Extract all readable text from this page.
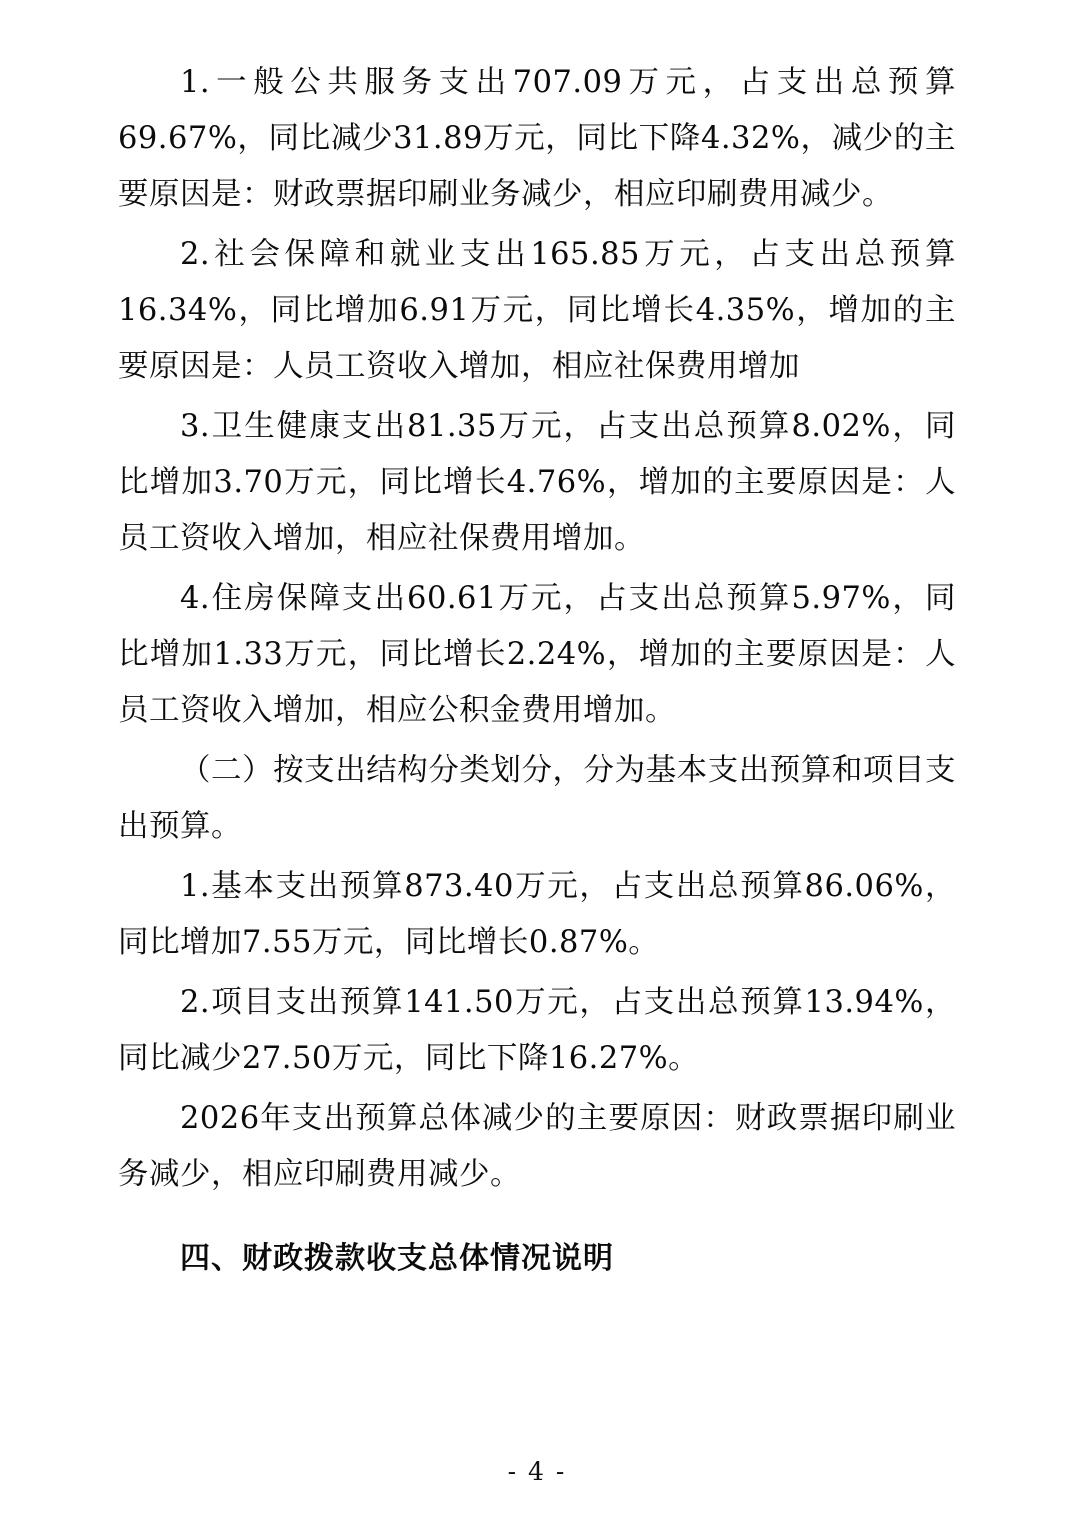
1.一般公共服务支出707.09万元，占支出总预算69.67%，同比减少31.89万元，同比下降4.32%，减少的主要原因是：财政票据印刷业务减少，相应印刷费用减少。

2.社会保障和就业支出165.85万元，占支出总预算16.34%，同比增加6.91万元，同比增长4.35%，增加的主要原因是：人员工资收入增加，相应社保费用增加

3.卫生健康支出81.35万元，占支出总预算8.02%，同比增加3.70万元，同比增长4.76%，增加的主要原因是：人员工资收入增加，相应社保费用增加。

4.住房保障支出60.61万元，占支出总预算5.97%，同比增加1.33万元，同比增长2.24%，增加的主要原因是：人员工资收入增加，相应公积金费用增加。

（二）按支出结构分类划分，分为基本支出预算和项目支出预算。

1.基本支出预算873.40万元，占支出总预算86.06%，同比增加7.55万元，同比增长0.87%。

2.项目支出预算141.50万元，占支出总预算13.94%，同比减少27.50万元，同比下降16.27%。

2026年支出预算总体减少的主要原因：财政票据印刷业务减少，相应印刷费用减少。

四、财政拨款收支总体情况说明
- 4 -
